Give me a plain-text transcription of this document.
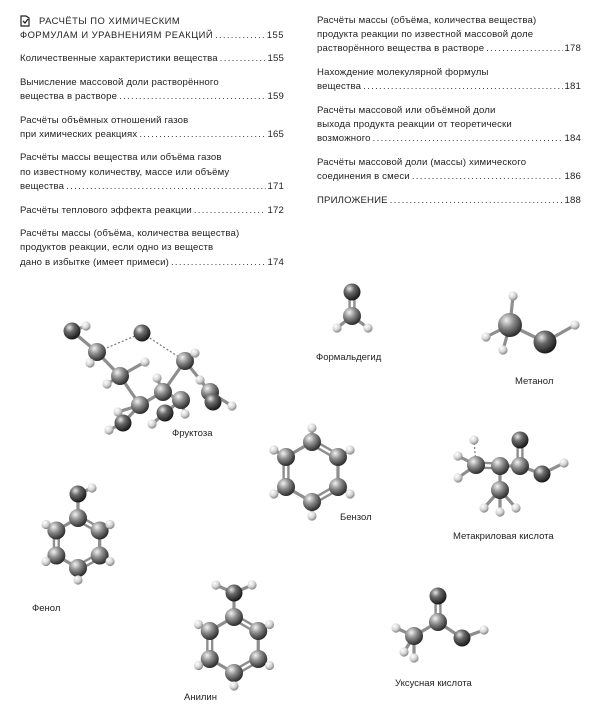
РАСЧЁТЫ ПО ХИМИЧЕСКИМ
ФОРМУЛАМ И УРАВНЕНИЯМ РЕАКЦИЙ .....	155
Количественные характеристики вещества .....	155
Вычисление массовой доли растворённого
вещества в растворе .....	159
Расчёты объёмных отношений газов
при химических реакциях .....	165
Расчёты массы вещества или объёма газов
по известному количеству, массе или объёму
вещества .....	171
Расчёты теплового эффекта реакции .....	172
Расчёты массы (объёма, количества вещества)
продуктов реакции, если одно из веществ
дано в избытке (имеет примеси) .....	174
Расчёты массы (объёма, количества вещества)
продукта реакции по известной массовой доле
растворённого вещества в растворе .....	178
Нахождение молекулярной формулы
вещества .....	181
Расчёты массовой или объёмной доли
выхода продукта реакции от теоретически
возможного .....	184
Расчёты массовой доли (массы) химического
соединения в смеси .....	186
ПРИЛОЖЕНИЕ .....	188
Фруктоза
Формальдегид
Метанол
Бензол
Фенол
Метакриловая кислота
Анилин
Уксусная кислота
